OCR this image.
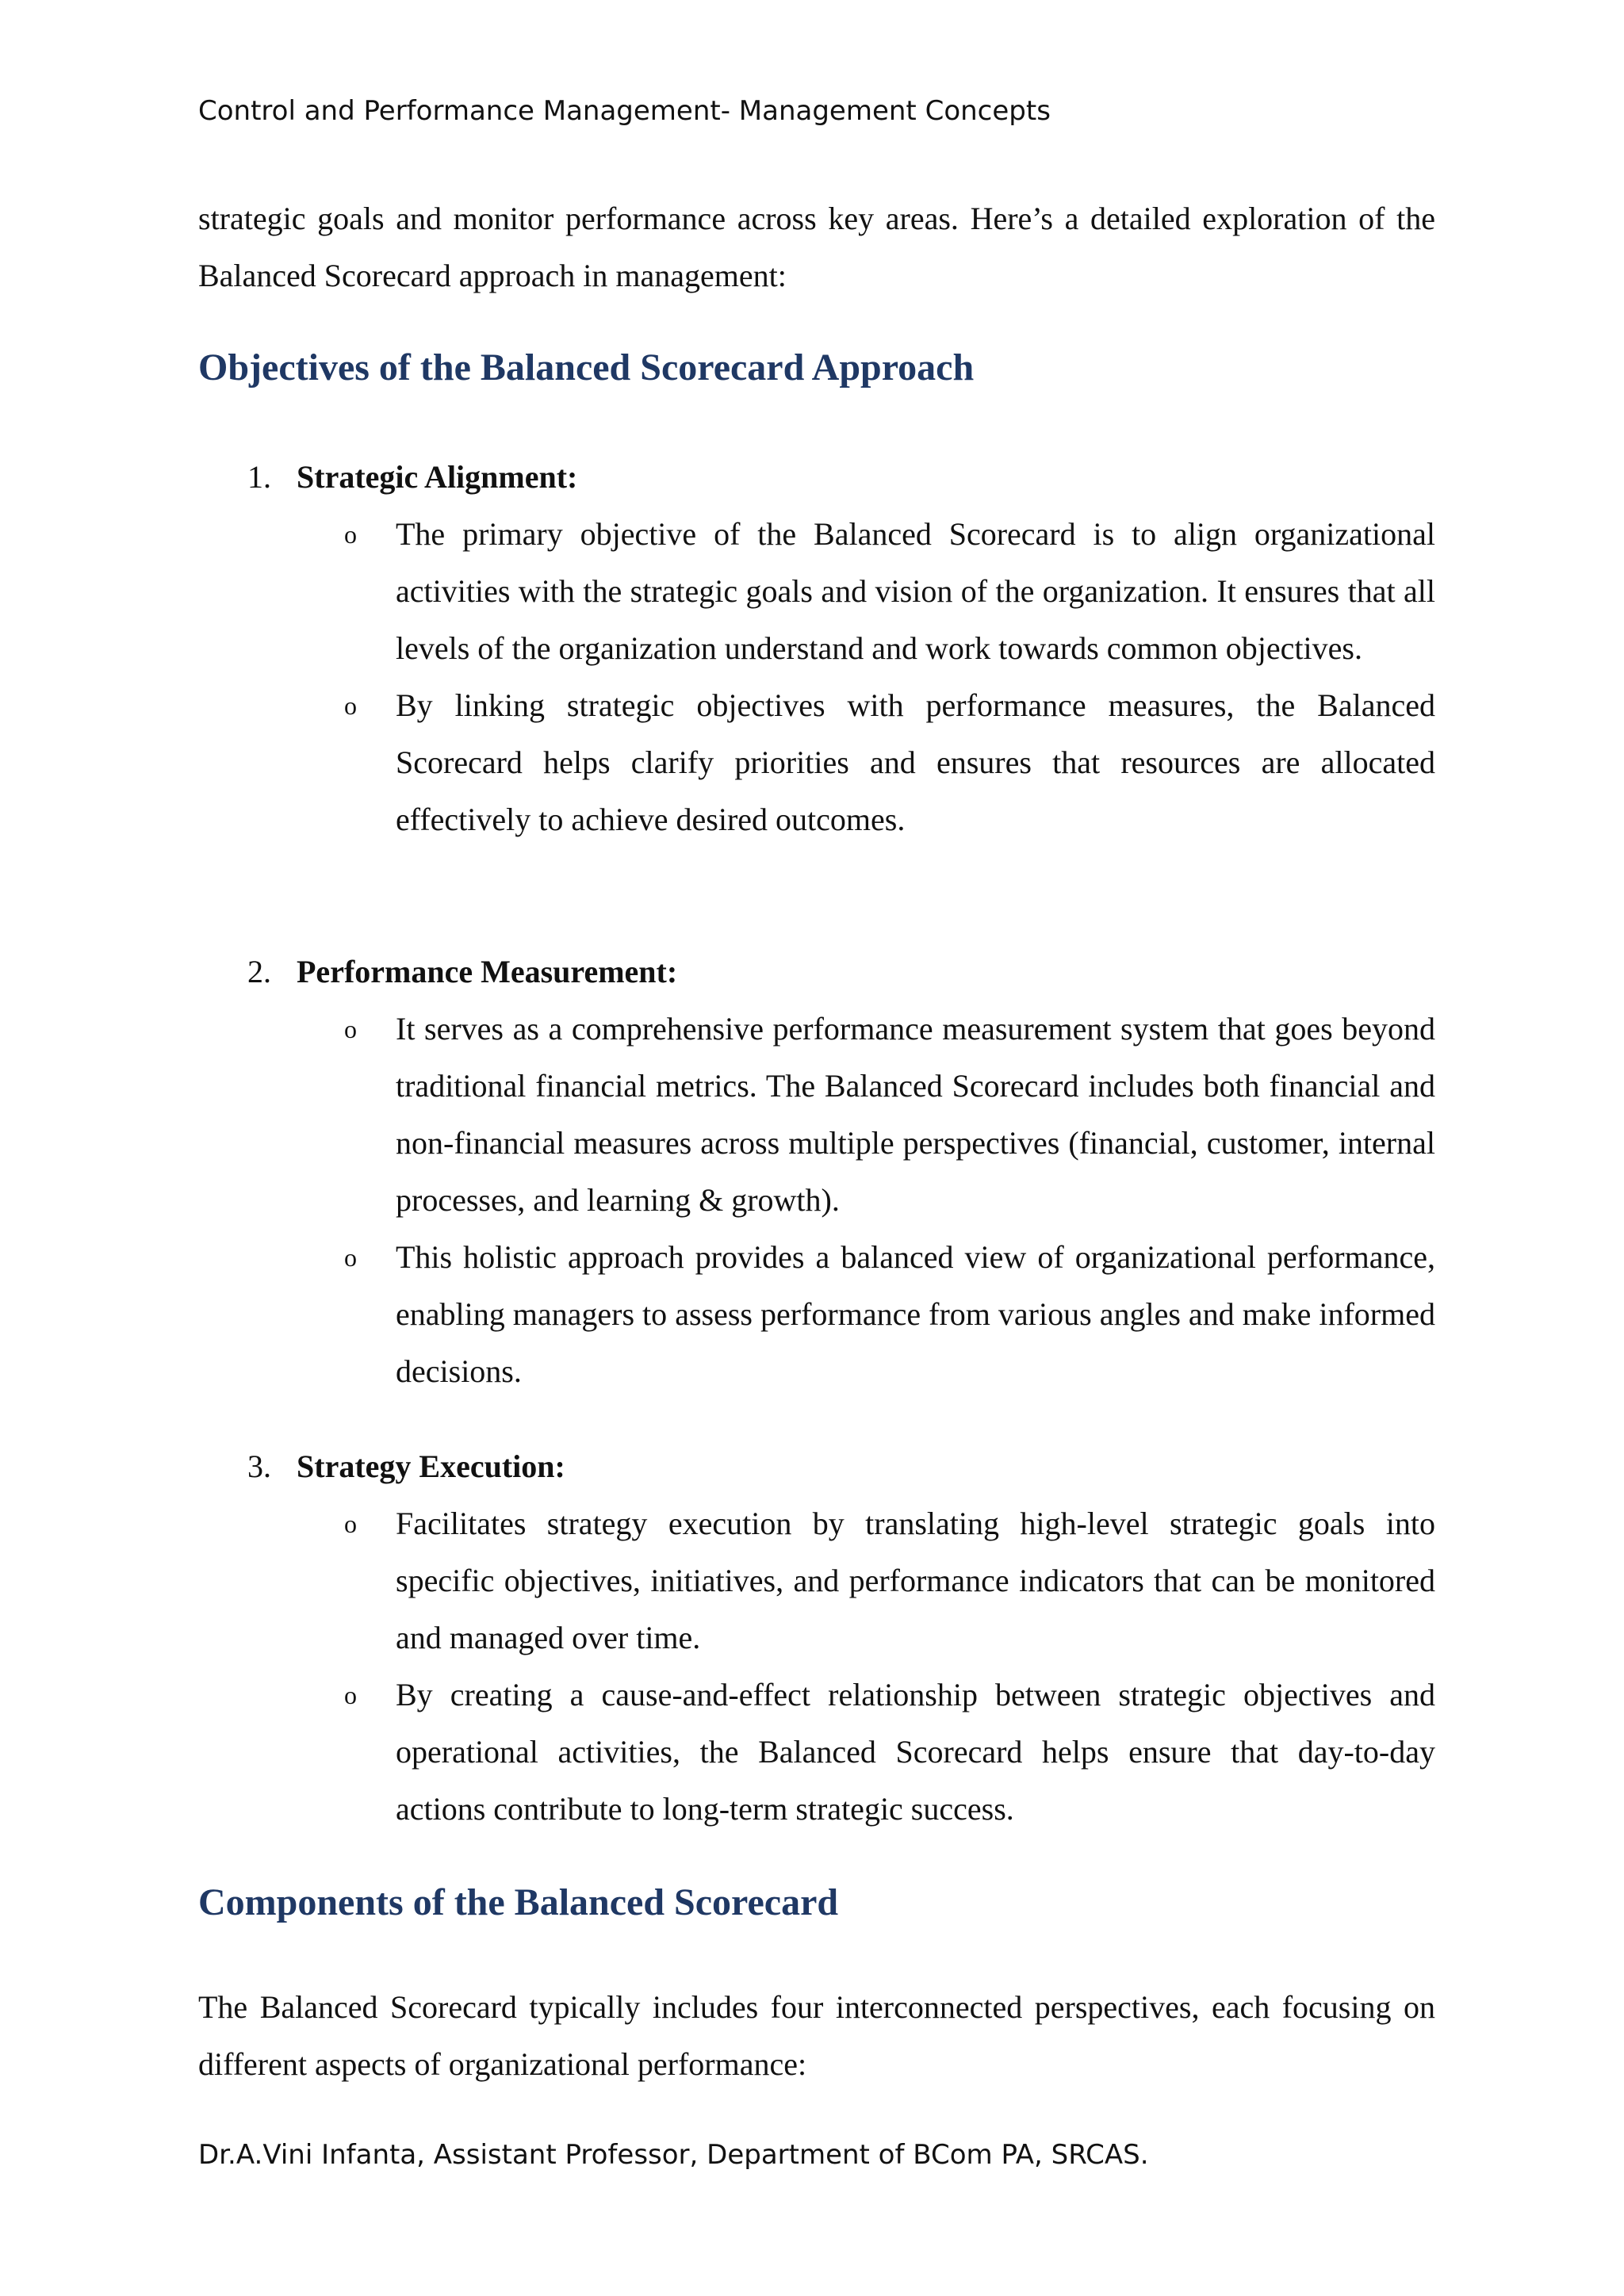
Control and Performance Management- Management Concepts
strategic goals and monitor performance across key areas. Here’s a detailed exploration of the Balanced Scorecard approach in management:
Objectives of the Balanced Scorecard Approach
1. Strategic Alignment:
o The primary objective of the Balanced Scorecard is to align organizational activities with the strategic goals and vision of the organization. It ensures that all levels of the organization understand and work towards common objectives.
o By linking strategic objectives with performance measures, the Balanced Scorecard helps clarify priorities and ensures that resources are allocated effectively to achieve desired outcomes.
2. Performance Measurement:
o It serves as a comprehensive performance measurement system that goes beyond traditional financial metrics. The Balanced Scorecard includes both financial and non-financial measures across multiple perspectives (financial, customer, internal processes, and learning & growth).
o This holistic approach provides a balanced view of organizational performance, enabling managers to assess performance from various angles and make informed decisions.
3. Strategy Execution:
o Facilitates strategy execution by translating high-level strategic goals into specific objectives, initiatives, and performance indicators that can be monitored and managed over time.
o By creating a cause-and-effect relationship between strategic objectives and operational activities, the Balanced Scorecard helps ensure that day-to-day actions contribute to long-term strategic success.
Components of the Balanced Scorecard
The Balanced Scorecard typically includes four interconnected perspectives, each focusing on different aspects of organizational performance:
Dr.A.Vini Infanta, Assistant Professor, Department of BCom PA, SRCAS.
